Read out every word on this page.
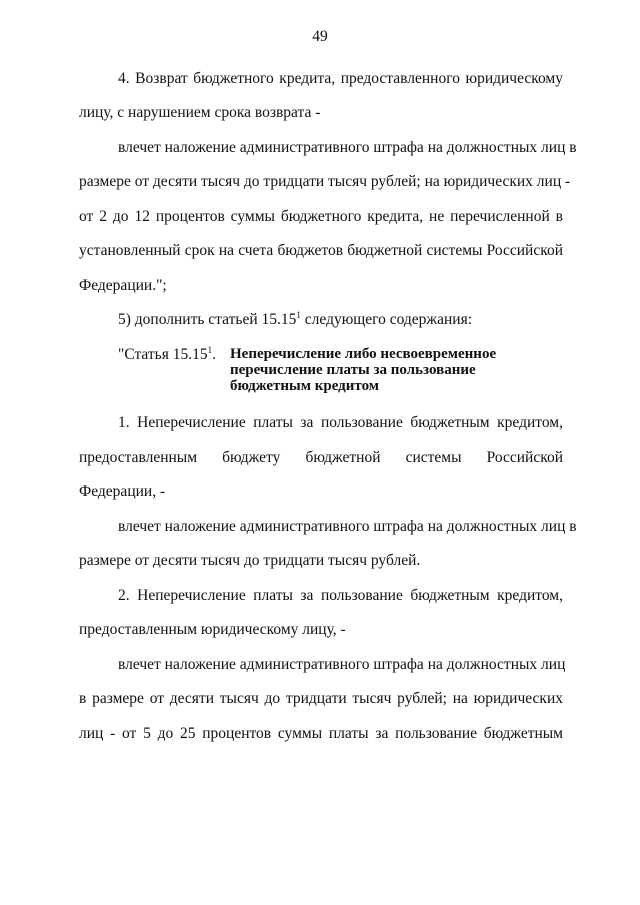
49
4. Возврат бюджетного кредита, предоставленного юридическому
лицу, с нарушением срока возврата -
влечет наложение административного штрафа на должностных лиц в
размере от десяти тысяч до тридцати тысяч рублей; на юридических лиц -
от 2 до 12 процентов суммы бюджетного кредита, не перечисленной в
установленный срок на счета бюджетов бюджетной системы Российской
Федерации.";
5) дополнить статьей 15.15$^1$ следующего содержания:
"Статья 15.15$^1$. Неперечисление либо несвоевременное
перечисление платы за пользование
бюджетным кредитом
1. Неперечисление платы за пользование бюджетным кредитом,
предоставленным бюджету бюджетной системы Российской
Федерации, -
влечет наложение административного штрафа на должностных лиц в
размере от десяти тысяч до тридцати тысяч рублей.
2. Неперечисление платы за пользование бюджетным кредитом,
предоставленным юридическому лицу, -
влечет наложение административного штрафа на должностных лиц
в размере от десяти тысяч до тридцати тысяч рублей; на юридических
лиц - от 5 до 25 процентов суммы платы за пользование бюджетным
